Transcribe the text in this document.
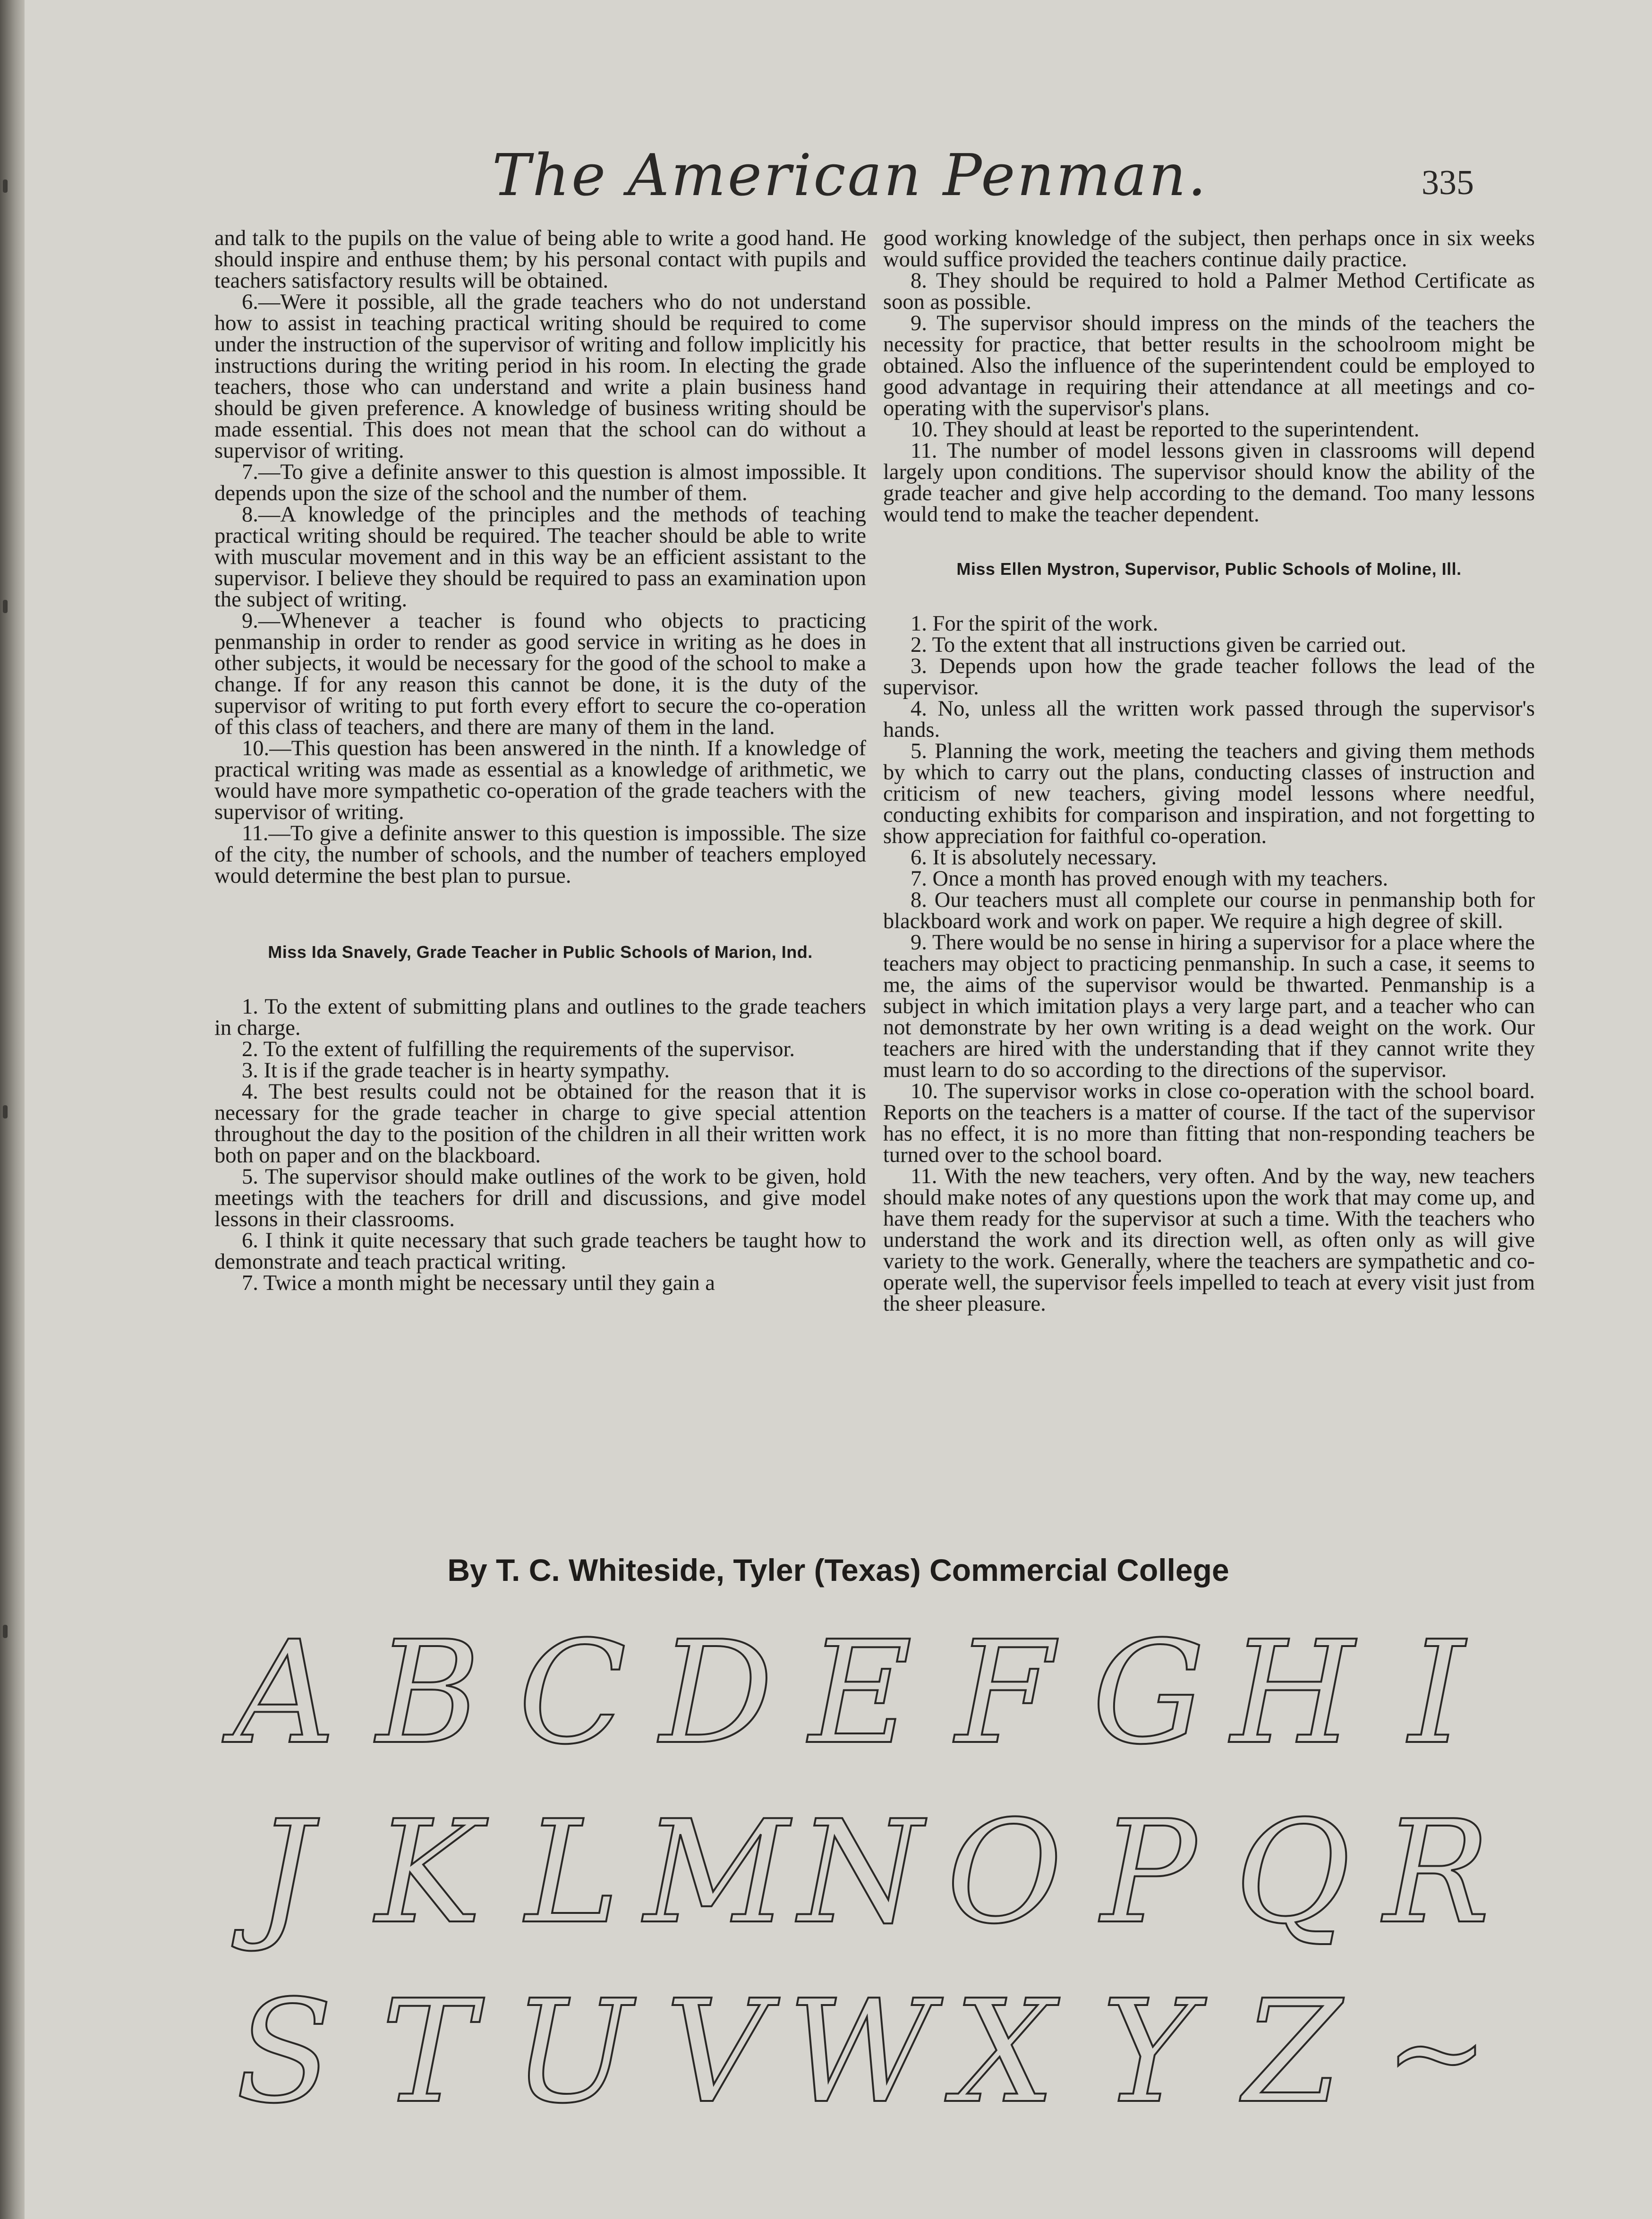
The American Penman.	335

and talk to the pupils on the value of being able to write a good hand. He should inspire and enthuse them; by his personal contact with pupils and teachers satisfactory results will be obtained.

6.—Were it possible, all the grade teachers who do not understand how to assist in teaching practical writing should be required to come under the instruction of the supervisor of writing and follow implicitly his instructions during the writing period in his room. In electing the grade teachers, those who can understand and write a plain business hand should be given preference. A knowledge of business writing should be made essential. This does not mean that the school can do without a supervisor of writing.

7.—To give a definite answer to this question is almost impossible. It depends upon the size of the school and the number of them.

8.—A knowledge of the principles and the methods of teaching practical writing should be required. The teacher should be able to write with muscular movement and in this way be an efficient assistant to the supervisor. I believe they should be required to pass an examination upon the subject of writing.

9.—Whenever a teacher is found who objects to practicing penmanship in order to render as good service in writing as he does in other subjects, it would be necessary for the good of the school to make a change. If for any reason this cannot be done, it is the duty of the supervisor of writing to put forth every effort to secure the co-operation of this class of teachers, and there are many of them in the land.

10.—This question has been answered in the ninth. If a knowledge of practical writing was made as essential as a knowledge of arithmetic, we would have more sympathetic co-operation of the grade teachers with the supervisor of writing.

11.—To give a definite answer to this question is impossible. The size of the city, the number of schools, and the number of teachers employed would determine the best plan to pursue.

Miss Ida Snavely, Grade Teacher in Public Schools of Marion, Ind.

1. To the extent of submitting plans and outlines to the grade teachers in charge.

2. To the extent of fulfilling the requirements of the supervisor.

3. It is if the grade teacher is in hearty sympathy.

4. The best results could not be obtained for the reason that it is necessary for the grade teacher in charge to give special attention throughout the day to the position of the children in all their written work both on paper and on the blackboard.

5. The supervisor should make outlines of the work to be given, hold meetings with the teachers for drill and discussions, and give model lessons in their classrooms.

6. I think it quite necessary that such grade teachers be taught how to demonstrate and teach practical writing.

7. Twice a month might be necessary until they gain a

good working knowledge of the subject, then perhaps once in six weeks would suffice provided the teachers continue daily practice.

8. They should be required to hold a Palmer Method Certificate as soon as possible.

9. The supervisor should impress on the minds of the teachers the necessity for practice, that better results in the schoolroom might be obtained. Also the influence of the superintendent could be employed to good advantage in requiring their attendance at all meetings and co-operating with the supervisor's plans.

10. They should at least be reported to the superintendent.

11. The number of model lessons given in classrooms will depend largely upon conditions. The supervisor should know the ability of the grade teacher and give help according to the demand. Too many lessons would tend to make the teacher dependent.

Miss Ellen Mystron, Supervisor, Public Schools of Moline, Ill.

1. For the spirit of the work.

2. To the extent that all instructions given be carried out.

3. Depends upon how the grade teacher follows the lead of the supervisor.

4. No, unless all the written work passed through the supervisor's hands.

5. Planning the work, meeting the teachers and giving them methods by which to carry out the plans, conducting classes of instruction and criticism of new teachers, giving model lessons where needful, conducting exhibits for comparison and inspiration, and not forgetting to show appreciation for faithful co-operation.

6. It is absolutely necessary.

7. Once a month has proved enough with my teachers.

8. Our teachers must all complete our course in penmanship both for blackboard work and work on paper. We require a high degree of skill.

9. There would be no sense in hiring a supervisor for a place where the teachers may object to practicing penmanship. In such a case, it seems to me, the aims of the supervisor would be thwarted. Penmanship is a subject in which imitation plays a very large part, and a teacher who can not demonstrate by her own writing is a dead weight on the work. Our teachers are hired with the understanding that if they cannot write they must learn to do so according to the directions of the supervisor.

10. The supervisor works in close co-operation with the school board. Reports on the teachers is a matter of course. If the tact of the supervisor has no effect, it is no more than fitting that non-responding teachers be turned over to the school board.

11. With the new teachers, very often. And by the way, new teachers should make notes of any questions upon the work that may come up, and have them ready for the supervisor at such a time. With the teachers who understand the work and its direction well, as often only as will give variety to the work. Generally, where the teachers are sympathetic and co-operate well, the supervisor feels impelled to teach at every visit just from the sheer pleasure.

By T. C. Whiteside, Tyler (Texas) Commercial College
A B C D E F G H I
J K L M N O P Q R
S T U V W X Y Z ~
